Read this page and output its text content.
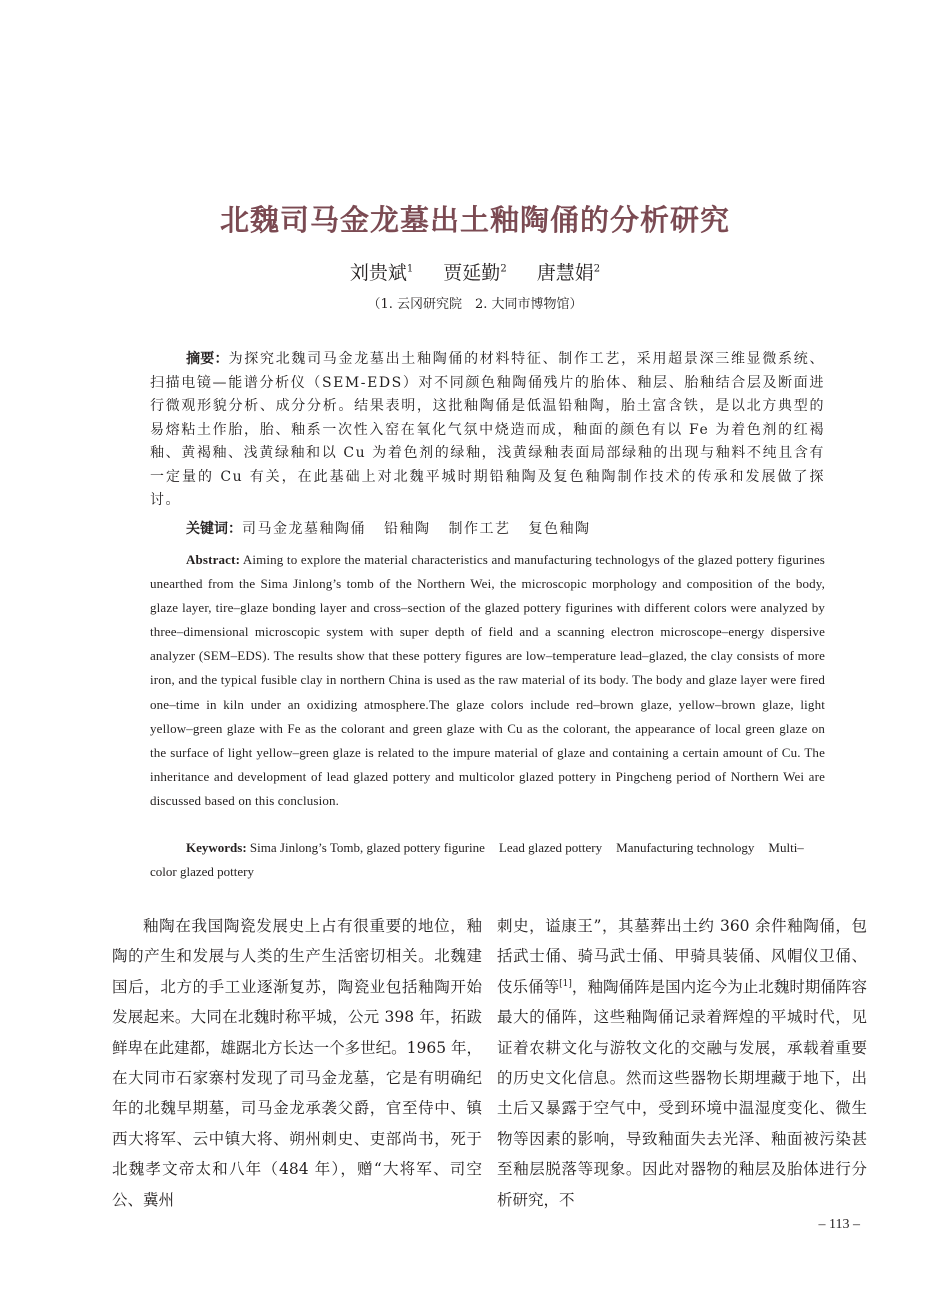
北魏司马金龙墓出土釉陶俑的分析研究
刘贵斌$^1$ 贾延勤$^2$ 唐慧娟$^2$
（1. 云冈研究院　2. 大同市博物馆）

摘要：为探究北魏司马金龙墓出土釉陶俑的材料特征、制作工艺，采用超景深三维显微系统、扫描电镜—能谱分析仪（SEM-EDS）对不同颜色釉陶俑残片的胎体、釉层、胎釉结合层及断面进行微观形貌分析、成分分析。结果表明，这批釉陶俑是低温铅釉陶，胎土富含铁，是以北方典型的易熔粘土作胎，胎、釉系一次性入窑在氧化气氛中烧造而成，釉面的颜色有以 Fe 为着色剂的红褐釉、黄褐釉、浅黄绿釉和以 Cu 为着色剂的绿釉，浅黄绿釉表面局部绿釉的出现与釉料不纯且含有一定量的 Cu 有关，在此基础上对北魏平城时期铅釉陶及复色釉陶制作技术的传承和发展做了探讨。

关键词：司马金龙墓釉陶俑 铅釉陶 制作工艺 复色釉陶

Abstract: Aiming to explore the material characteristics and manufacturing technologys of the glazed pottery figurines unearthed from the Sima Jinlong’s tomb of the Northern Wei, the microscopic morphology and composition of the body, glaze layer, tire–glaze bonding layer and cross–section of the glazed pottery figurines with different colors were analyzed by three–dimensional microscopic system with super depth of field and a scanning electron microscope–energy dispersive analyzer (SEM–EDS). The results show that these pottery figures are low–temperature lead–glazed, the clay consists of more iron, and the typical fusible clay in northern China is used as the raw material of its body. The body and glaze layer were fired one–time in kiln under an oxidizing atmosphere.The glaze colors include red–brown glaze, yellow–brown glaze, light yellow–green glaze with Fe as the colorant and green glaze with Cu as the colorant, the appearance of local green glaze on the surface of light yellow–green glaze is related to the impure material of glaze and containing a certain amount of Cu. The inheritance and development of lead glazed pottery and multicolor glazed pottery in Pingcheng period of Northern Wei are discussed based on this conclusion.

Keywords: Sima Jinlong’s Tomb, glazed pottery figurine Lead glazed pottery Manufacturing technology Multi–color glazed pottery

釉陶在我国陶瓷发展史上占有很重要的地位，釉陶的产生和发展与人类的生产生活密切相关。北魏建国后，北方的手工业逐渐复苏，陶瓷业包括釉陶开始发展起来。大同在北魏时称平城，公元 398 年，拓跋鲜卑在此建都，雄踞北方长达一个多世纪。1965 年，在大同市石家寨村发现了司马金龙墓，它是有明确纪年的北魏早期墓，司马金龙承袭父爵，官至侍中、镇西大将军、云中镇大将、朔州刺史、吏部尚书，死于北魏孝文帝太和八年（484 年），赠“大将军、司空公、冀州

刺史，谥康王”，其墓葬出土约 360 余件釉陶俑，包括武士俑、骑马武士俑、甲骑具装俑、风帽仪卫俑、伎乐俑等[1]，釉陶俑阵是国内迄今为止北魏时期俑阵容最大的俑阵，这些釉陶俑记录着辉煌的平城时代，见证着农耕文化与游牧文化的交融与发展，承载着重要的历史文化信息。然而这些器物长期埋藏于地下，出土后又暴露于空气中，受到环境中温湿度变化、微生物等因素的影响，导致釉面失去光泽、釉面被污染甚至釉层脱落等现象。因此对器物的釉层及胎体进行分析研究，不

– 113 –
